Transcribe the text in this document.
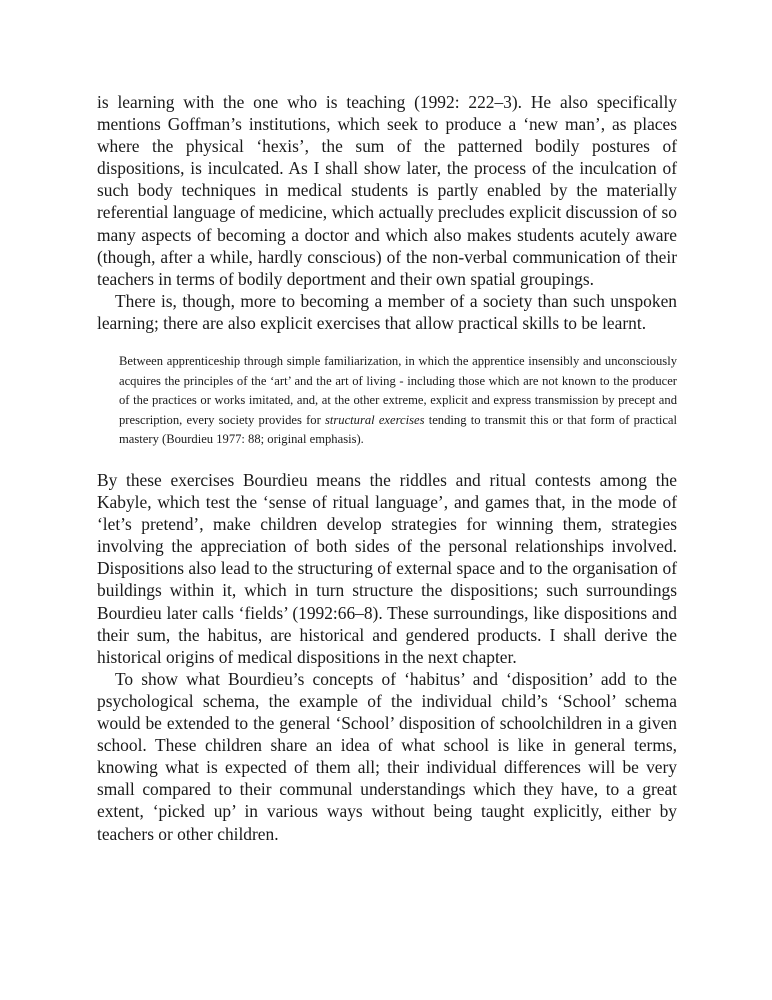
is learning with the one who is teaching (1992: 222–3). He also specifically mentions Goffman’s institutions, which seek to produce a ‘new man’, as places where the physical ‘hexis’, the sum of the patterned bodily postures of dispositions, is inculcated. As I shall show later, the process of the inculcation of such body techniques in medical students is partly enabled by the materially referential language of medicine, which actually precludes explicit discussion of so many aspects of becoming a doctor and which also makes students acutely aware (though, after a while, hardly conscious) of the non-verbal communication of their teachers in terms of bodily deportment and their own spatial groupings.

There is, though, more to becoming a member of a society than such unspoken learning; there are also explicit exercises that allow practical skills to be learnt.

Between apprenticeship through simple familiarization, in which the apprentice insensibly and unconsciously acquires the principles of the ‘art’ and the art of living - including those which are not known to the producer of the practices or works imitated, and, at the other extreme, explicit and express transmission by precept and prescription, every society provides for structural exercises tending to transmit this or that form of practical mastery (Bourdieu 1977: 88; original emphasis).

By these exercises Bourdieu means the riddles and ritual contests among the Kabyle, which test the ‘sense of ritual language’, and games that, in the mode of ‘let’s pretend’, make children develop strategies for winning them, strategies involving the appreciation of both sides of the personal relationships involved. Dispositions also lead to the structuring of external space and to the organisation of buildings within it, which in turn structure the dispositions; such surroundings Bourdieu later calls ‘fields’ (1992:66–8). These surroundings, like dispositions and their sum, the habitus, are historical and gendered products. I shall derive the historical origins of medical dispositions in the next chapter.

To show what Bourdieu’s concepts of ‘habitus’ and ‘disposition’ add to the psychological schema, the example of the individual child’s ‘School’ schema would be extended to the general ‘School’ disposition of schoolchildren in a given school. These children share an idea of what school is like in general terms, knowing what is expected of them all; their individual differences will be very small compared to their communal understandings which they have, to a great extent, ‘picked up’ in various ways without being taught explicitly, either by teachers or other children.
